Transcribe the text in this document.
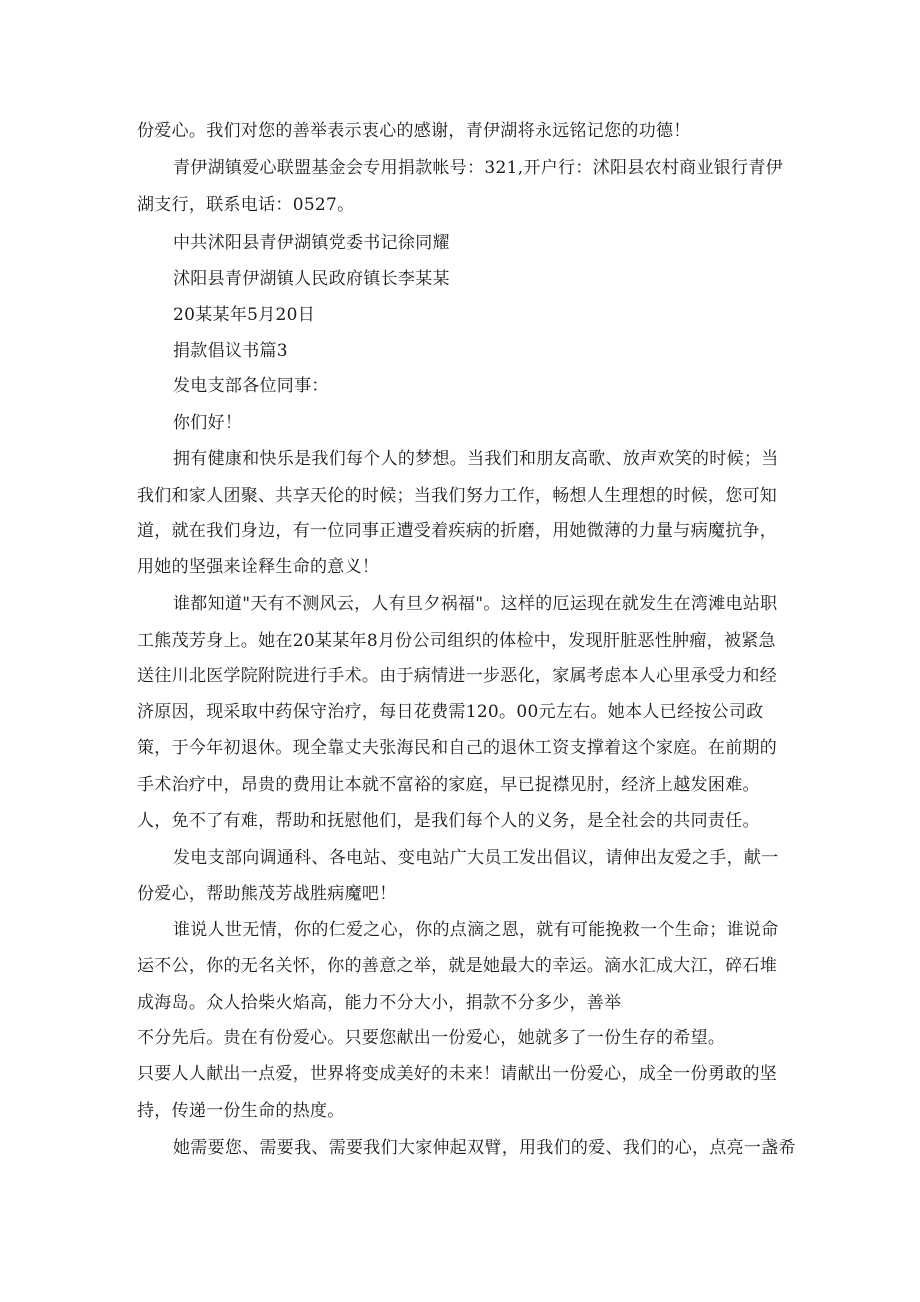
份爱心。我们对您的善举表示衷心的感谢，青伊湖将永远铭记您的功德！
青伊湖镇爱心联盟基金会专用捐款帐号：321,开户行：沭阳县农村商业银行青伊
湖支行，联系电话：0527。
中共沭阳县青伊湖镇党委书记徐同耀
沭阳县青伊湖镇人民政府镇长李某某
20某某年5月20日
捐款倡议书篇3
发电支部各位同事：
你们好！
拥有健康和快乐是我们每个人的梦想。当我们和朋友高歌、放声欢笑的时候；当
我们和家人团聚、共享天伦的时候；当我们努力工作，畅想人生理想的时候，您可知
道，就在我们身边，有一位同事正遭受着疾病的折磨，用她微薄的力量与病魔抗争，
用她的坚强来诠释生命的意义！
谁都知道"天有不测风云，人有旦夕祸福"。这样的厄运现在就发生在湾滩电站职
工熊茂芳身上。她在20某某年8月份公司组织的体检中，发现肝脏恶性肿瘤，被紧急
送往川北医学院附院进行手术。由于病情进一步恶化，家属考虑本人心里承受力和经
济原因，现采取中药保守治疗，每日花费需120。00元左右。她本人已经按公司政
策，于今年初退休。现全靠丈夫张海民和自己的退休工资支撑着这个家庭。在前期的
手术治疗中，昂贵的费用让本就不富裕的家庭，早已捉襟见肘，经济上越发困难。
人，免不了有难，帮助和抚慰他们，是我们每个人的义务，是全社会的共同责任。
发电支部向调通科、各电站、变电站广大员工发出倡议，请伸出友爱之手，献一
份爱心，帮助熊茂芳战胜病魔吧！
谁说人世无情，你的仁爱之心，你的点滴之恩，就有可能挽救一个生命；谁说命
运不公，你的无名关怀，你的善意之举，就是她最大的幸运。滴水汇成大江，碎石堆
成海岛。众人拾柴火焰高，能力不分大小，捐款不分多少，善举
不分先后。贵在有份爱心。只要您献出一份爱心，她就多了一份生存的希望。
只要人人献出一点爱，世界将变成美好的未来！请献出一份爱心，成全一份勇敢的坚
持，传递一份生命的热度。
她需要您、需要我、需要我们大家伸起双臂，用我们的爱、我们的心，点亮一盏希
